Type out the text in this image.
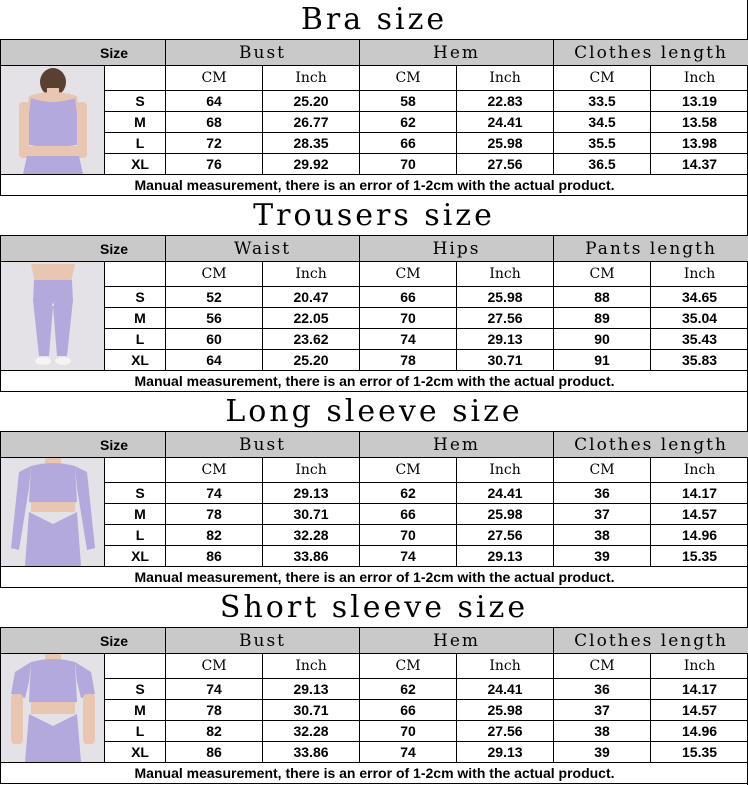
Bra size
Size		Bust		Hem		Clothes length	

		CM	Inch	CM	Inch	CM	Inch
	S	64	25.20	58	22.83	33.5	13.19
	M	68	26.77	62	24.41	34.5	13.58
	L	72	28.35	66	25.98	35.5	13.98
	XL	76	29.92	70	27.56	36.5	14.37
Manual measurement, there is an error of 1-2cm with the actual product.							
Trousers size
Size		Waist		Hips		Pants length	

		CM	Inch	CM	Inch	CM	Inch
	S	52	20.47	66	25.98	88	34.65
	M	56	22.05	70	27.56	89	35.04
	L	60	23.62	74	29.13	90	35.43
	XL	64	25.20	78	30.71	91	35.83
Manual measurement, there is an error of 1-2cm with the actual product.							
Long sleeve size
Size		Bust		Hem		Clothes length	

		CM	Inch	CM	Inch	CM	Inch
	S	74	29.13	62	24.41	36	14.17
	M	78	30.71	66	25.98	37	14.57
	L	82	32.28	70	27.56	38	14.96
	XL	86	33.86	74	29.13	39	15.35
Manual measurement, there is an error of 1-2cm with the actual product.							
Short sleeve size
Size		Bust		Hem		Clothes length	

		CM	Inch	CM	Inch	CM	Inch
	S	74	29.13	62	24.41	36	14.17
	M	78	30.71	66	25.98	37	14.57
	L	82	32.28	70	27.56	38	14.96
	XL	86	33.86	74	29.13	39	15.35
Manual measurement, there is an error of 1-2cm with the actual product.							
